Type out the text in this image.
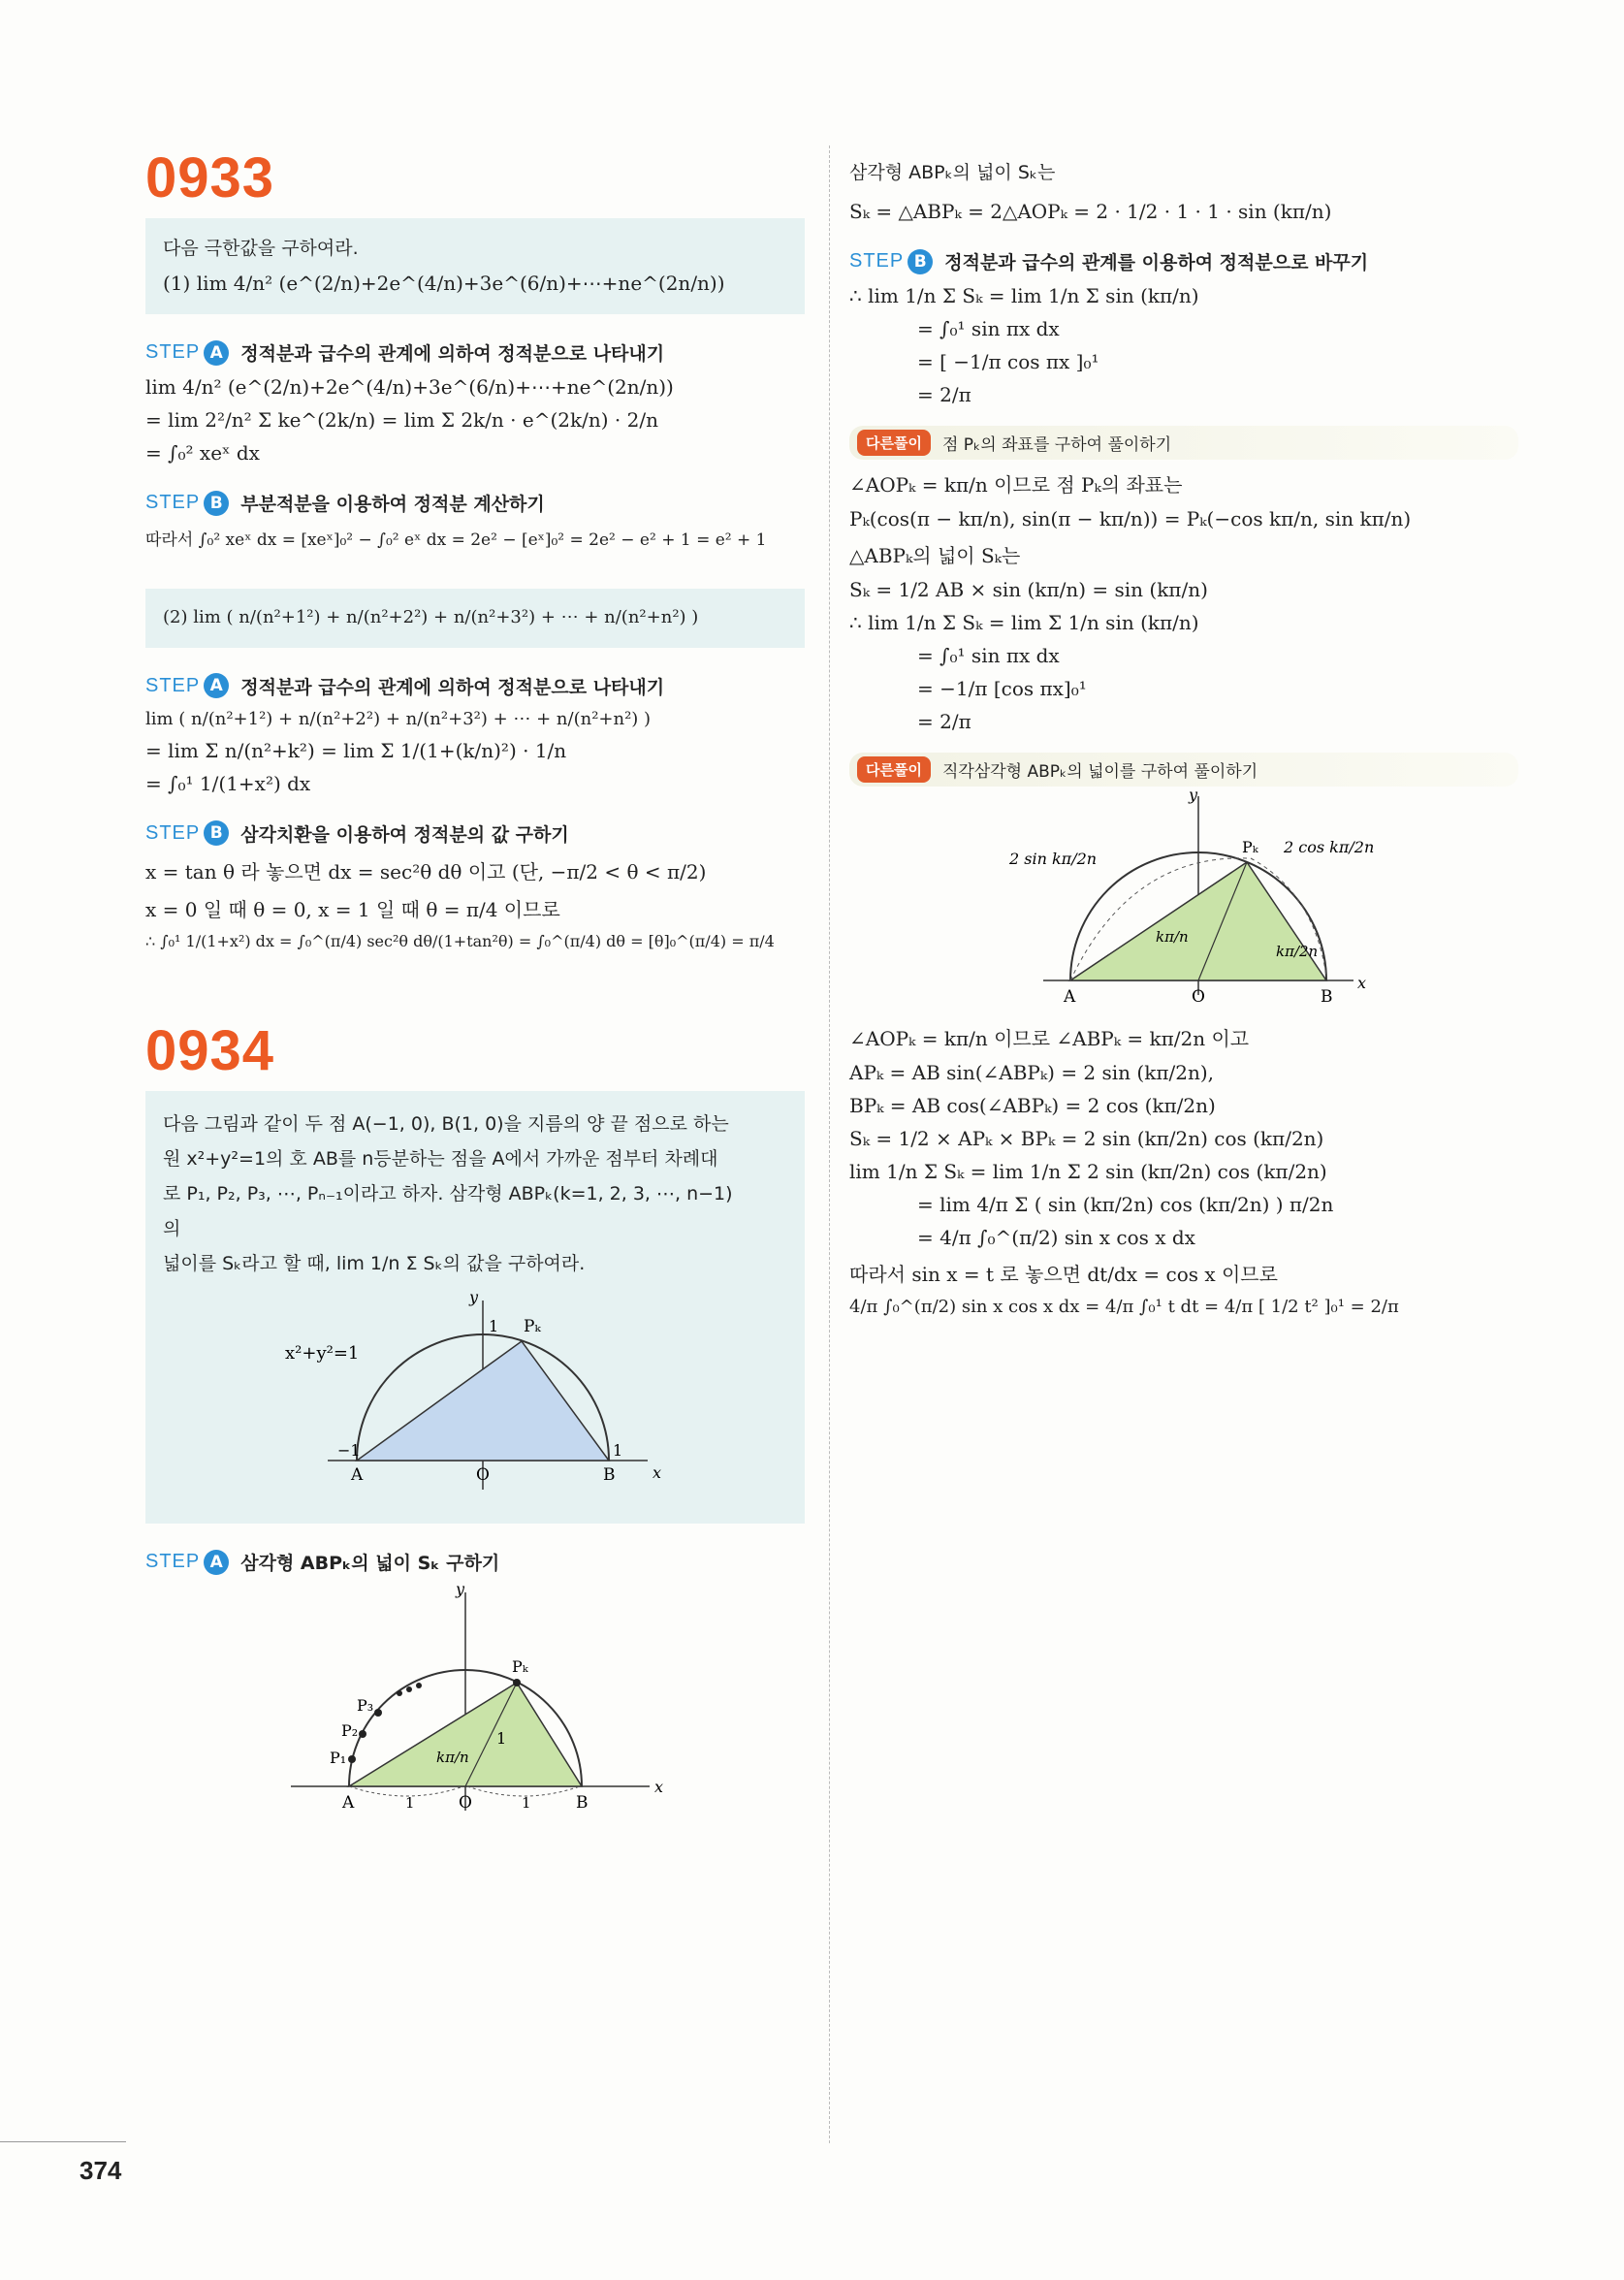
0933
다음 극한값을 구하여라.
(1) lim 4/n² (e^(2/n)+2e^(4/n)+3e^(6/n)+⋯+ne^(2n/n))
STEP A 정적분과 급수의 관계에 의하여 정적분으로 나타내기
lim 4/n² (e^(2/n)+2e^(4/n)+3e^(6/n)+⋯+ne^(2n/n))
= lim 2²/n² Σ ke^(2k/n) = lim Σ 2k/n · e^(2k/n) · 2/n
= ∫₀² xeˣ dx
STEP B 부분적분을 이용하여 정적분 계산하기
따라서 ∫₀² xeˣ dx = [xeˣ]₀² − ∫₀² eˣ dx = 2e² − [eˣ]₀² = 2e² − e² + 1 = e² + 1
(2) lim ( n/(n²+1²) + n/(n²+2²) + n/(n²+3²) + ⋯ + n/(n²+n²) )
STEP A 정적분과 급수의 관계에 의하여 정적분으로 나타내기
lim ( n/(n²+1²) + n/(n²+2²) + n/(n²+3²) + ⋯ + n/(n²+n²) )
= lim Σ n/(n²+k²) = lim Σ 1/(1+(k/n)²) · 1/n
= ∫₀¹ 1/(1+x²) dx
STEP B 삼각치환을 이용하여 정적분의 값 구하기
x = tan θ 라 놓으면 dx = sec²θ dθ 이고 (단, −π/2 < θ < π/2)
x = 0 일 때 θ = 0, x = 1 일 때 θ = π/4 이므로
∴ ∫₀¹ 1/(1+x²) dx = ∫₀^(π/4) sec²θ dθ/(1+tan²θ) = ∫₀^(π/4) dθ = [θ]₀^(π/4) = π/4
0934
다음 그림과 같이 두 점 A(−1, 0), B(1, 0)을 지름의 양 끝 점으로 하는
원 x²+y²=1의 호 AB를 n등분하는 점을 A에서 가까운 점부터 차례대
로 P₁, P₂, P₃, ⋯, Pₙ₋₁이라고 하자. 삼각형 ABPₖ(k=1, 2, 3, ⋯, n−1)
의
넓이를 Sₖ라고 할 때, lim 1/n Σ Sₖ의 값을 구하여라.
x²+y²=1
y
x
1
−1	1
A	O	B
Pₖ
STEP A 삼각형 ABPₖ의 넓이 Sₖ 구하기
y
x
A	O	B
P₁
P₂
P₃
Pₖ
kπ/n
1
1	1
삼각형 ABPₖ의 넓이 Sₖ는
Sₖ = △ABPₖ = 2△AOPₖ = 2 · 1/2 · 1 · 1 · sin (kπ/n)
STEP B 정적분과 급수의 관계를 이용하여 정적분으로 바꾸기
∴ lim 1/n Σ Sₖ = lim 1/n Σ sin (kπ/n)
= ∫₀¹ sin πx dx
= [ −1/π cos πx ]₀¹
= 2/π
다른풀이	점 Pₖ의 좌표를 구하여 풀이하기
∠AOPₖ = kπ/n 이므로 점 Pₖ의 좌표는
Pₖ(cos(π − kπ/n), sin(π − kπ/n)) = Pₖ(−cos kπ/n, sin kπ/n)
△ABPₖ의 넓이 Sₖ는
Sₖ = 1/2 AB × sin (kπ/n) = sin (kπ/n)
∴ lim 1/n Σ Sₖ = lim Σ 1/n sin (kπ/n)
= ∫₀¹ sin πx dx
= −1/π [cos πx]₀¹
= 2/π
다른풀이	직각삼각형 ABPₖ의 넓이를 구하여 풀이하기
y
x
A	O	B
Pₖ
2 sin kπ/2n
2 cos kπ/2n
kπ/n
kπ/2n
∠AOPₖ = kπ/n 이므로 ∠ABPₖ = kπ/2n 이고
APₖ = AB sin(∠ABPₖ) = 2 sin (kπ/2n),
BPₖ = AB cos(∠ABPₖ) = 2 cos (kπ/2n)
Sₖ = 1/2 × APₖ × BPₖ = 2 sin (kπ/2n) cos (kπ/2n)
lim 1/n Σ Sₖ = lim 1/n Σ 2 sin (kπ/2n) cos (kπ/2n)
= lim 4/π Σ ( sin (kπ/2n) cos (kπ/2n) ) π/2n
= 4/π ∫₀^(π/2) sin x cos x dx
따라서 sin x = t 로 놓으면 dt/dx = cos x 이므로
4/π ∫₀^(π/2) sin x cos x dx = 4/π ∫₀¹ t dt = 4/π [ 1/2 t² ]₀¹ = 2/π
374
